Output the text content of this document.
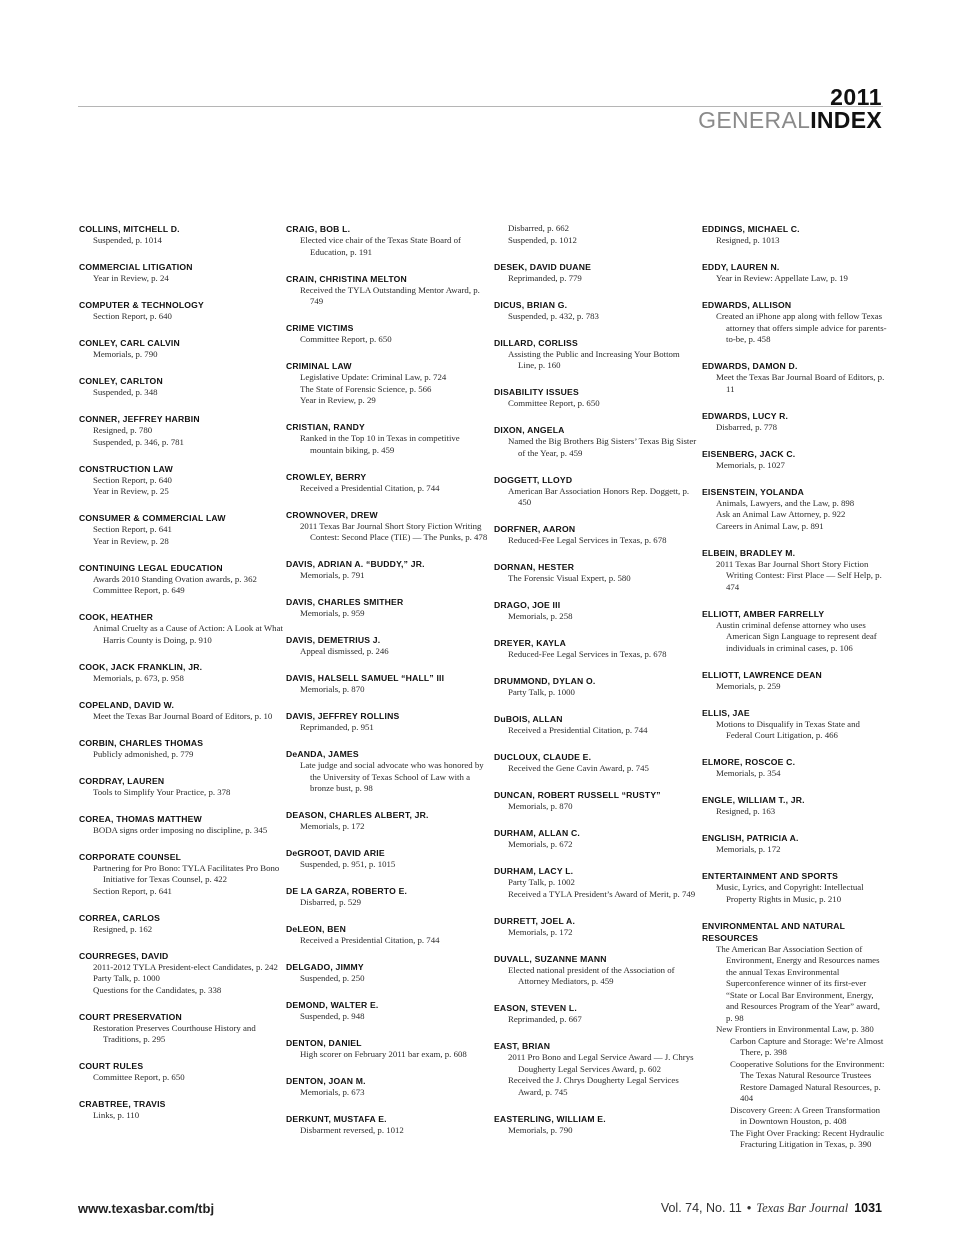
2011
GENERALINDEX
COLLINS, MITCHELL D.
Suspended, p. 1014
COMMERCIAL LITIGATION
Year in Review, p. 24
COMPUTER & TECHNOLOGY
Section Report, p. 640
CONLEY, CARL CALVIN
Memorials, p. 790
CONLEY, CARLTON
Suspended, p. 348
CONNER, JEFFREY HARBIN
Resigned, p. 780
Suspended, p. 346, p. 781
CONSTRUCTION LAW
Section Report, p. 640
Year in Review, p. 25
CONSUMER & COMMERCIAL LAW
Section Report, p. 641
Year in Review, p. 28
CONTINUING LEGAL EDUCATION
Awards 2010 Standing Ovation awards, p. 362
Committee Report, p. 649
COOK, HEATHER
Animal Cruelty as a Cause of Action: A Look at What Harris County is Doing, p. 910
COOK, JACK FRANKLIN, JR.
Memorials, p. 673, p. 958
COPELAND, DAVID W.
Meet the Texas Bar Journal Board of Editors, p. 10
CORBIN, CHARLES THOMAS
Publicly admonished, p. 779
CORDRAY, LAUREN
Tools to Simplify Your Practice, p. 378
COREA, THOMAS MATTHEW
BODA signs order imposing no discipline, p. 345
CORPORATE COUNSEL
Partnering for Pro Bono: TYLA Facilitates Pro Bono Initiative for Texas Counsel, p. 422
Section Report, p. 641
CORREA, CARLOS
Resigned, p. 162
COURREGES, DAVID
2011-2012 TYLA President-elect Candidates, p. 242
Party Talk, p. 1000
Questions for the Candidates, p. 338
COURT PRESERVATION
Restoration Preserves Courthouse History and Traditions, p. 295
COURT RULES
Committee Report, p. 650
CRABTREE, TRAVIS
Links, p. 110
CRAIG, BOB L.
Elected vice chair of the Texas State Board of Education, p. 191
CRAIN, CHRISTINA MELTON
Received the TYLA Outstanding Mentor Award, p. 749
CRIME VICTIMS
Committee Report, p. 650
CRIMINAL LAW
Legislative Update: Criminal Law, p. 724
The State of Forensic Science, p. 566
Year in Review, p. 29
CRISTIAN, RANDY
Ranked in the Top 10 in Texas in competitive mountain biking, p. 459
CROWLEY, BERRY
Received a Presidential Citation, p. 744
CROWNOVER, DREW
2011 Texas Bar Journal Short Story Fiction Writing Contest: Second Place (TIE) — The Punks, p. 478
DAVIS, ADRIAN A. “BUDDY,” JR.
Memorials, p. 791
DAVIS, CHARLES SMITHER
Memorials, p. 959
DAVIS, DEMETRIUS J.
Appeal dismissed, p. 246
DAVIS, HALSELL SAMUEL “HALL” III
Memorials, p. 870
DAVIS, JEFFREY ROLLINS
Reprimanded, p. 951
DeANDA, JAMES
Late judge and social advocate who was honored by the University of Texas School of Law with a bronze bust, p. 98
DEASON, CHARLES ALBERT, JR.
Memorials, p. 172
DeGROOT, DAVID ARIE
Suspended, p. 951, p. 1015
DE LA GARZA, ROBERTO E.
Disbarred, p. 529
DeLEON, BEN
Received a Presidential Citation, p. 744
DELGADO, JIMMY
Suspended, p. 250
DEMOND, WALTER E.
Suspended, p. 948
DENTON, DANIEL
High scorer on February 2011 bar exam, p. 608
DENTON, JOAN M.
Memorials, p. 673
DERKUNT, MUSTAFA E.
Disbarment reversed, p. 1012
Disbarred, p. 662
Suspended, p. 1012
DESEK, DAVID DUANE
Reprimanded, p. 779
DICUS, BRIAN G.
Suspended, p. 432, p. 783
DILLARD, CORLISS
Assisting the Public and Increasing Your Bottom Line, p. 160
DISABILITY ISSUES
Committee Report, p. 650
DIXON, ANGELA
Named the Big Brothers Big Sisters’ Texas Big Sister of the Year, p. 459
DOGGETT, LLOYD
American Bar Association Honors Rep. Doggett, p. 450
DORFNER, AARON
Reduced-Fee Legal Services in Texas, p. 678
DORNAN, HESTER
The Forensic Visual Expert, p. 580
DRAGO, JOE III
Memorials, p. 258
DREYER, KAYLA
Reduced-Fee Legal Services in Texas, p. 678
DRUMMOND, DYLAN O.
Party Talk, p. 1000
DuBOIS, ALLAN
Received a Presidential Citation, p. 744
DUCLOUX, CLAUDE E.
Received the Gene Cavin Award, p. 745
DUNCAN, ROBERT RUSSELL “RUSTY”
Memorials, p. 870
DURHAM, ALLAN C.
Memorials, p. 672
DURHAM, LACY L.
Party Talk, p. 1002
Received a TYLA President’s Award of Merit, p. 749
DURRETT, JOEL A.
Memorials, p. 172
DUVALL, SUZANNE MANN
Elected national president of the Association of Attorney Mediators, p. 459
EASON, STEVEN L.
Reprimanded, p. 667
EAST, BRIAN
2011 Pro Bono and Legal Service Award — J. Chrys Dougherty Legal Services Award, p. 602
Received the J. Chrys Dougherty Legal Services Award, p. 745
EASTERLING, WILLIAM E.
Memorials, p. 790
EDDINGS, MICHAEL C.
Resigned, p. 1013
EDDY, LAUREN N.
Year in Review: Appellate Law, p. 19
EDWARDS, ALLISON
Created an iPhone app along with fellow Texas attorney that offers simple advice for parents-to-be, p. 458
EDWARDS, DAMON D.
Meet the Texas Bar Journal Board of Editors, p. 11
EDWARDS, LUCY R.
Disbarred, p. 778
EISENBERG, JACK C.
Memorials, p. 1027
EISENSTEIN, YOLANDA
Animals, Lawyers, and the Law, p. 898
Ask an Animal Law Attorney, p. 922
Careers in Animal Law, p. 891
ELBEIN, BRADLEY M.
2011 Texas Bar Journal Short Story Fiction Writing Contest: First Place — Self Help, p. 474
ELLIOTT, AMBER FARRELLY
Austin criminal defense attorney who uses American Sign Language to represent deaf individuals in criminal cases, p. 106
ELLIOTT, LAWRENCE DEAN
Memorials, p. 259
ELLIS, JAE
Motions to Disqualify in Texas State and Federal Court Litigation, p. 466
ELMORE, ROSCOE C.
Memorials, p. 354
ENGLE, WILLIAM T., JR.
Resigned, p. 163
ENGLISH, PATRICIA A.
Memorials, p. 172
ENTERTAINMENT AND SPORTS
Music, Lyrics, and Copyright: Intellectual Property Rights in Music, p. 210
ENVIRONMENTAL AND NATURAL RESOURCES
The American Bar Association Section of Environment, Energy and Resources names the annual Texas Environmental Superconference winner of its first-ever “State or Local Bar Environment, Energy, and Resources Program of the Year” award, p. 98
New Frontiers in Environmental Law, p. 380
Carbon Capture and Storage: We’re Almost There, p. 398
Cooperative Solutions for the Environment: The Texas Natural Resource Trustees Restore Damaged Natural Resources, p. 404
Discovery Green: A Green Transformation in Downtown Houston, p. 408
The Fight Over Fracking: Recent Hydraulic Fracturing Litigation in Texas, p. 390
www.texasbar.com/tbj	Vol. 74, No. 11 • Texas Bar Journal 1031
